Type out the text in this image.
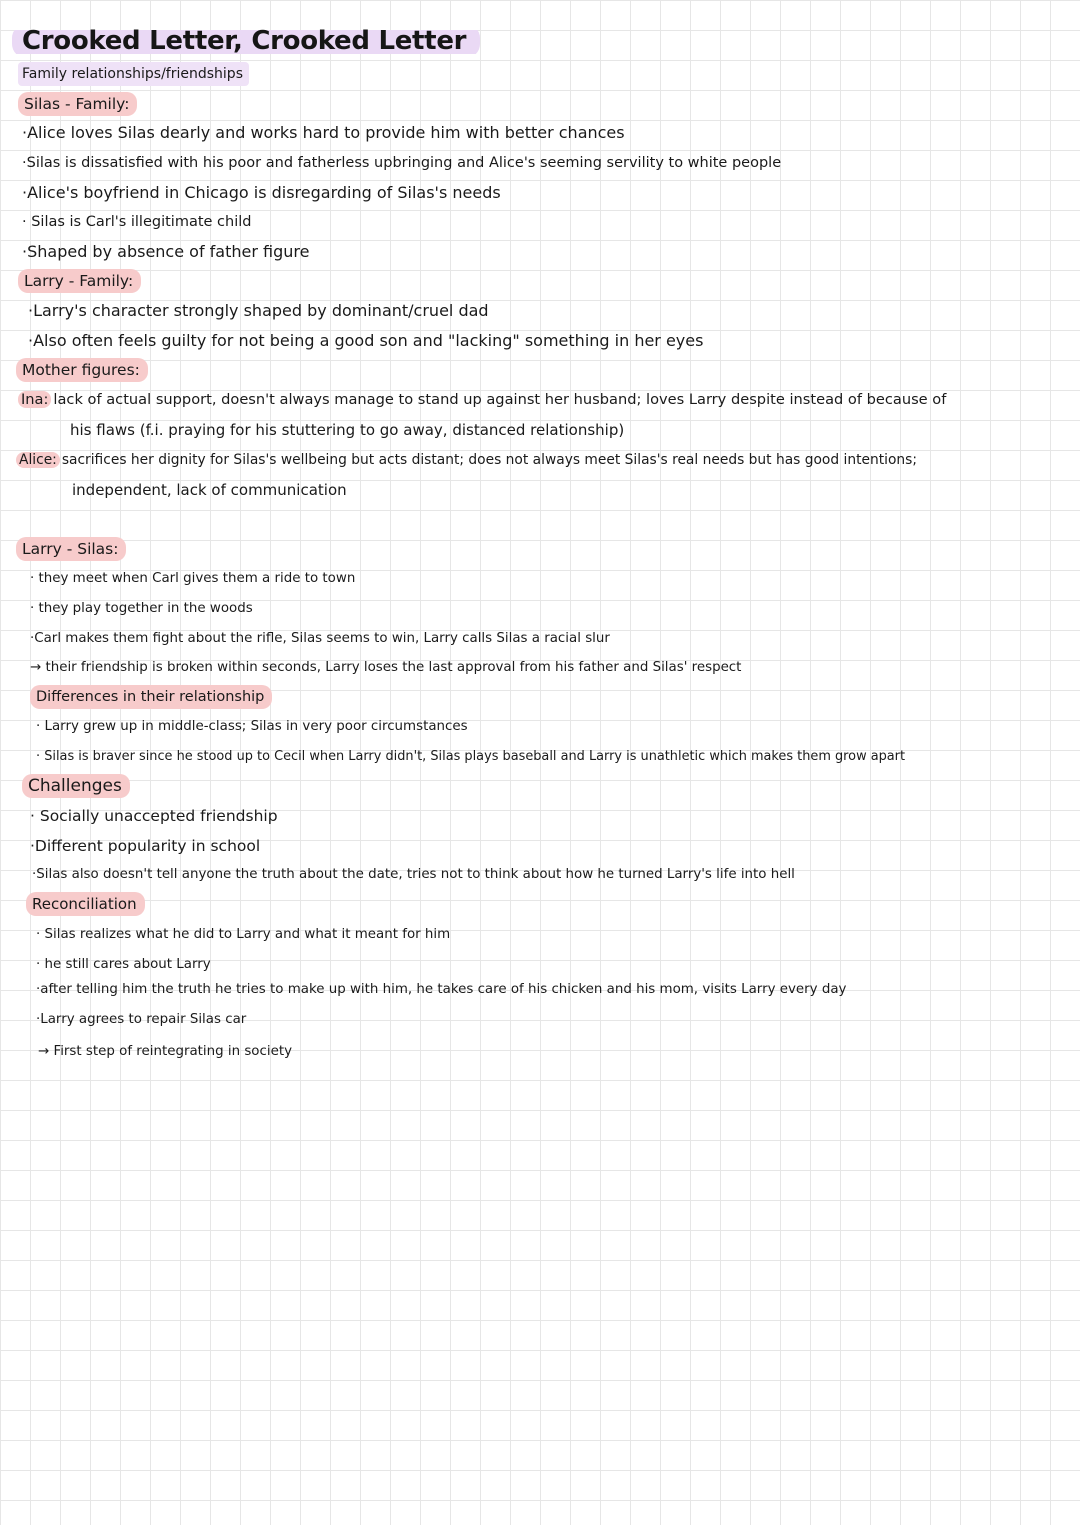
Crooked Letter, Crooked Letter
Family relationships/friendships
Silas - Family:
·Alice loves Silas dearly and works hard to provide him with better chances
·Silas is dissatisfied with his poor and fatherless upbringing and Alice's seeming servility to white people
·Alice's boyfriend in Chicago is disregarding of Silas's needs
· Silas is Carl's illegitimate child
·Shaped by absence of father figure
Larry - Family:
·Larry's character strongly shaped by dominant/cruel dad
·Also often feels guilty for not being a good son and "lacking" something in her eyes
Mother figures:
Ina: lack of actual support, doesn't always manage to stand up against her husband; loves Larry despite instead of because of
his flaws (f.i. praying for his stuttering to go away, distanced relationship)
Alice: sacrifices her dignity for Silas's wellbeing but acts distant; does not always meet Silas's real needs but has good intentions;
independent, lack of communication
Larry - Silas:
· they meet when Carl gives them a ride to town
· they play together in the woods
·Carl makes them fight about the rifle, Silas seems to win, Larry calls Silas a racial slur
→ their friendship is broken within seconds, Larry loses the last approval from his father and Silas' respect
Differences in their relationship
· Larry grew up in middle-class; Silas in very poor circumstances
· Silas is braver since he stood up to Cecil when Larry didn't, Silas plays baseball and Larry is unathletic which makes them grow apart
Challenges
· Socially unaccepted friendship
·Different popularity in school
·Silas also doesn't tell anyone the truth about the date, tries not to think about how he turned Larry's life into hell
Reconciliation
· Silas realizes what he did to Larry and what it meant for him
· he still cares about Larry
·after telling him the truth he tries to make up with him, he takes care of his chicken and his mom, visits Larry every day
·Larry agrees to repair Silas car
→ First step of reintegrating in society
